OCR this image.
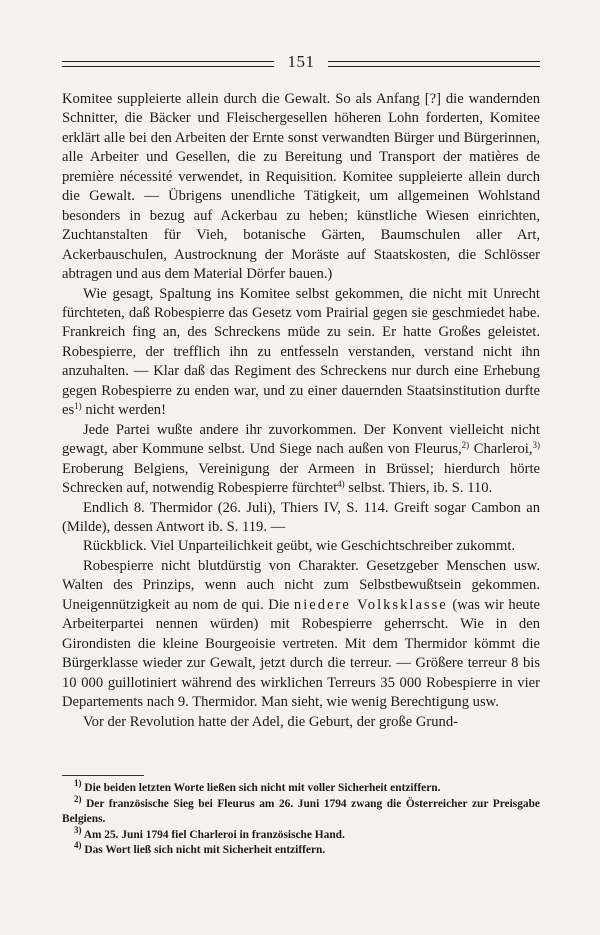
151

Komitee suppleierte allein durch die Gewalt. So als Anfang [?] die wandernden Schnitter, die Bäcker und Fleischergesellen höheren Lohn forderten, Komitee erklärt alle bei den Arbeiten der Ernte sonst verwandten Bürger und Bürgerinnen, alle Arbeiter und Gesellen, die zu Bereitung und Transport der matières de première nécessité verwendet, in Requisition. Komitee suppleierte allein durch die Gewalt. — Übrigens unendliche Tätigkeit, um allgemeinen Wohlstand besonders in bezug auf Ackerbau zu heben; künstliche Wiesen einrichten, Zuchtanstalten für Vieh, botanische Gärten, Baumschulen aller Art, Ackerbauschulen, Austrocknung der Moräste auf Staatskosten, die Schlösser abtragen und aus dem Material Dörfer bauen.)

Wie gesagt, Spaltung ins Komitee selbst gekommen, die nicht mit Unrecht fürchteten, daß Robespierre das Gesetz vom Prairial gegen sie geschmiedet habe. Frankreich fing an, des Schreckens müde zu sein. Er hatte Großes geleistet. Robespierre, der trefflich ihn zu entfesseln verstanden, verstand nicht ihn anzuhalten. — Klar daß das Regiment des Schreckens nur durch eine Erhebung gegen Robespierre zu enden war, und zu einer dauernden Staatsinstitution durfte $es^{1)}$ nicht werden!

Jede Partei wußte andere ihr zuvorkommen. Der Konvent vielleicht nicht gewagt, aber Kommune selbst. Und Siege nach außen von Fleurus,$^{2)}$ Charleroi,$^{3)}$ Eroberung Belgiens, Vereinigung der Armeen in Brüssel; hierdurch hörte Schrecken auf, notwendig Robespierre fürchtet$^{4)}$ selbst. Thiers, ib. S. 110.

Endlich 8. Thermidor (26. Juli), Thiers IV, S. 114. Greift sogar Cambon an (Milde), dessen Antwort ib. S. 119. —

Rückblick. Viel Unparteilichkeit geübt, wie Geschichtschreiber zukommt.

Robespierre nicht blutdürstig von Charakter. Gesetzgeber Menschen usw. Walten des Prinzips, wenn auch nicht zum Selbstbewußtsein gekommen. Uneigennützigkeit au nom de qui. Die niedere Volksklasse (was wir heute Arbeiterpartei nennen würden) mit Robespierre geherrscht. Wie in den Girondisten die kleine Bourgeoisie vertreten. Mit dem Thermidor kömmt die Bürgerklasse wieder zur Gewalt, jetzt durch die terreur. — Größere terreur 8 bis 10 000 guillotiniert während des wirklichen Terreurs 35 000 Robespierre in vier Departements nach 9. Thermidor. Man sieht, wie wenig Berechtigung usw.

Vor der Revolution hatte der Adel, die Geburt, der große Grund-

$^{1)}$ Die beiden letzten Worte ließen sich nicht mit voller Sicherheit entziffern.

$^{2)}$ Der französische Sieg bei Fleurus am 26. Juni 1794 zwang die Österreicher zur Preisgabe Belgiens.

$^{3)}$ Am 25. Juni 1794 fiel Charleroi in französische Hand.

$^{4)}$ Das Wort ließ sich nicht mit Sicherheit entziffern.
